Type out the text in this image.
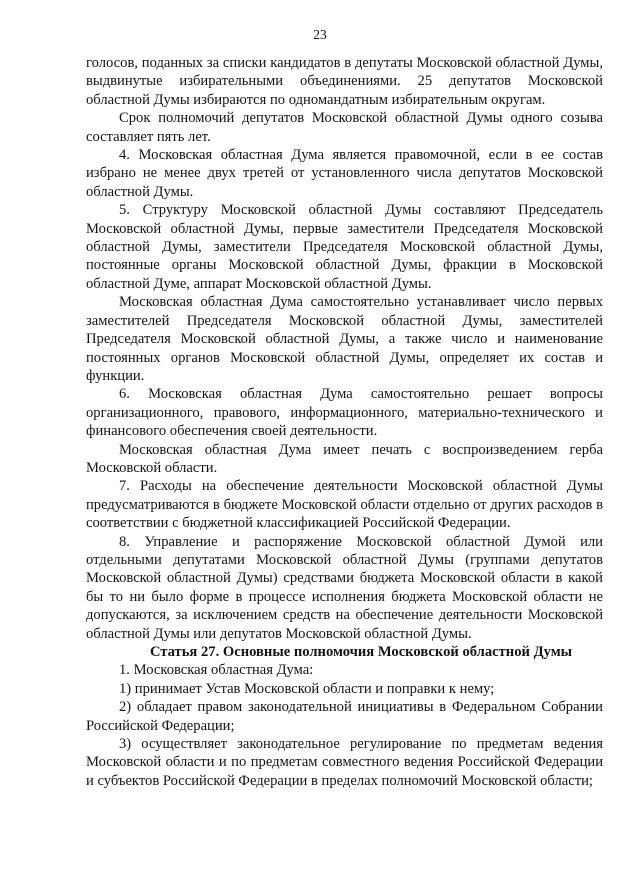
23

голосов, поданных за списки кандидатов в депутаты Московской областной Думы, выдвинутые избирательными объединениями. 25 депутатов Московской областной Думы избираются по одномандатным избирательным округам.

Срок полномочий депутатов Московской областной Думы одного созыва составляет пять лет.

4. Московская областная Дума является правомочной, если в ее состав избрано не менее двух третей от установленного числа депутатов Московской областной Думы.

5. Структуру Московской областной Думы составляют Председатель Московской областной Думы, первые заместители Председателя Московской областной Думы, заместители Председателя Московской областной Думы, постоянные органы Московской областной Думы, фракции в Московской областной Думе, аппарат Московской областной Думы.

Московская областная Дума самостоятельно устанавливает число первых заместителей Председателя Московской областной Думы, заместителей Председателя Московской областной Думы, а также число и наименование постоянных органов Московской областной Думы, определяет их состав и функции.

6. Московская областная Дума самостоятельно решает вопросы организационного, правового, информационного, материально-технического и финансового обеспечения своей деятельности.

Московская областная Дума имеет печать с воспроизведением герба Московской области.

7. Расходы на обеспечение деятельности Московской областной Думы предусматриваются в бюджете Московской области отдельно от других расходов в соответствии с бюджетной классификацией Российской Федерации.

8. Управление и распоряжение Московской областной Думой или отдельными депутатами Московской областной Думы (группами депутатов Московской областной Думы) средствами бюджета Московской области в какой бы то ни было форме в процессе исполнения бюджета Московской области не допускаются, за исключением средств на обеспечение деятельности Московской областной Думы или депутатов Московской областной Думы.

Статья 27. Основные полномочия Московской областной Думы

1. Московская областная Дума:

1) принимает Устав Московской области и поправки к нему;

2) обладает правом законодательной инициативы в Федеральном Собрании Российской Федерации;

3) осуществляет законодательное регулирование по предметам ведения Московской области и по предметам совместного ведения Российской Федерации и субъектов Российской Федерации в пределах полномочий Московской области;
